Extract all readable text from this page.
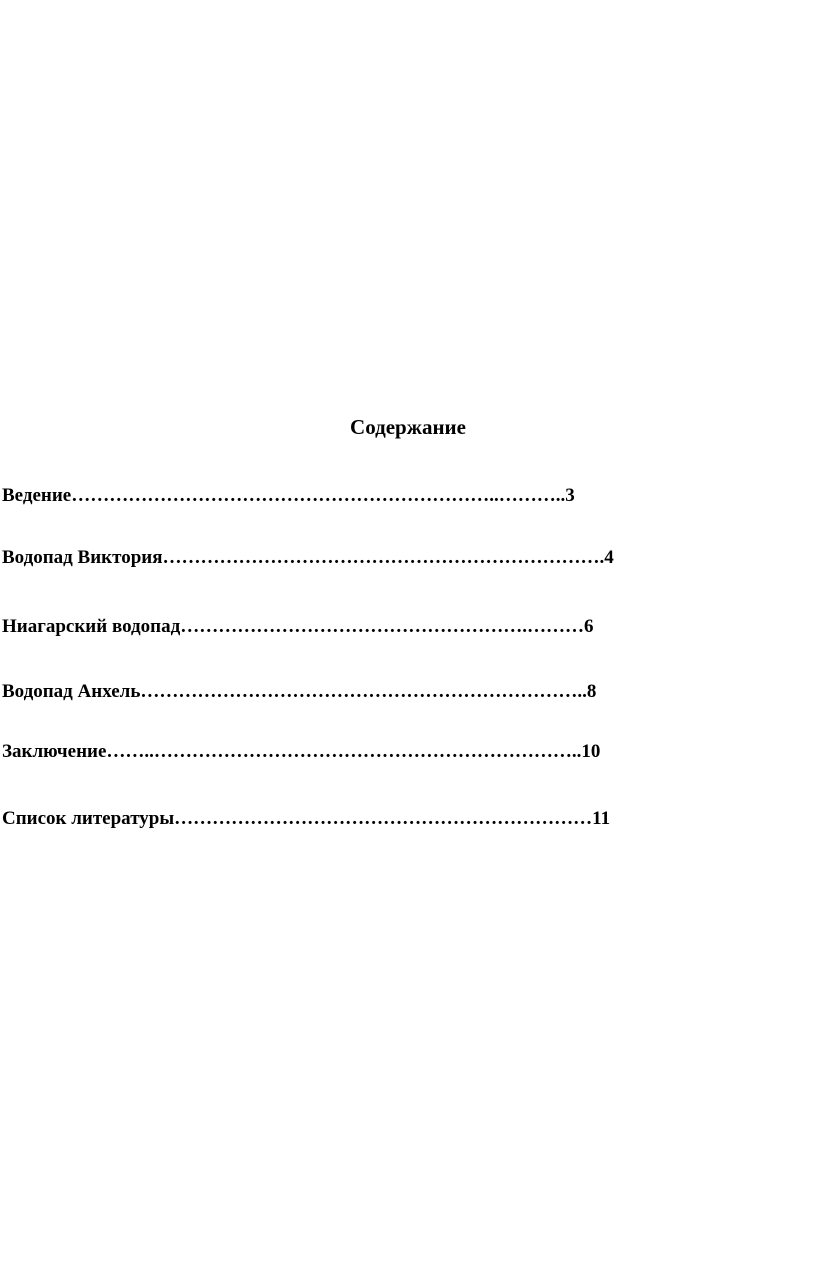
Содержание

Ведение…………………………………………………………..………..3

Водопад Виктория…………………………………………………………….4

Ниагарский водопад……………………………………………….………6

Водопад Анхель……………………………………………………………..8

Заключение……..…………………………………………………………..10

Список литературы…………………………………………………………11
